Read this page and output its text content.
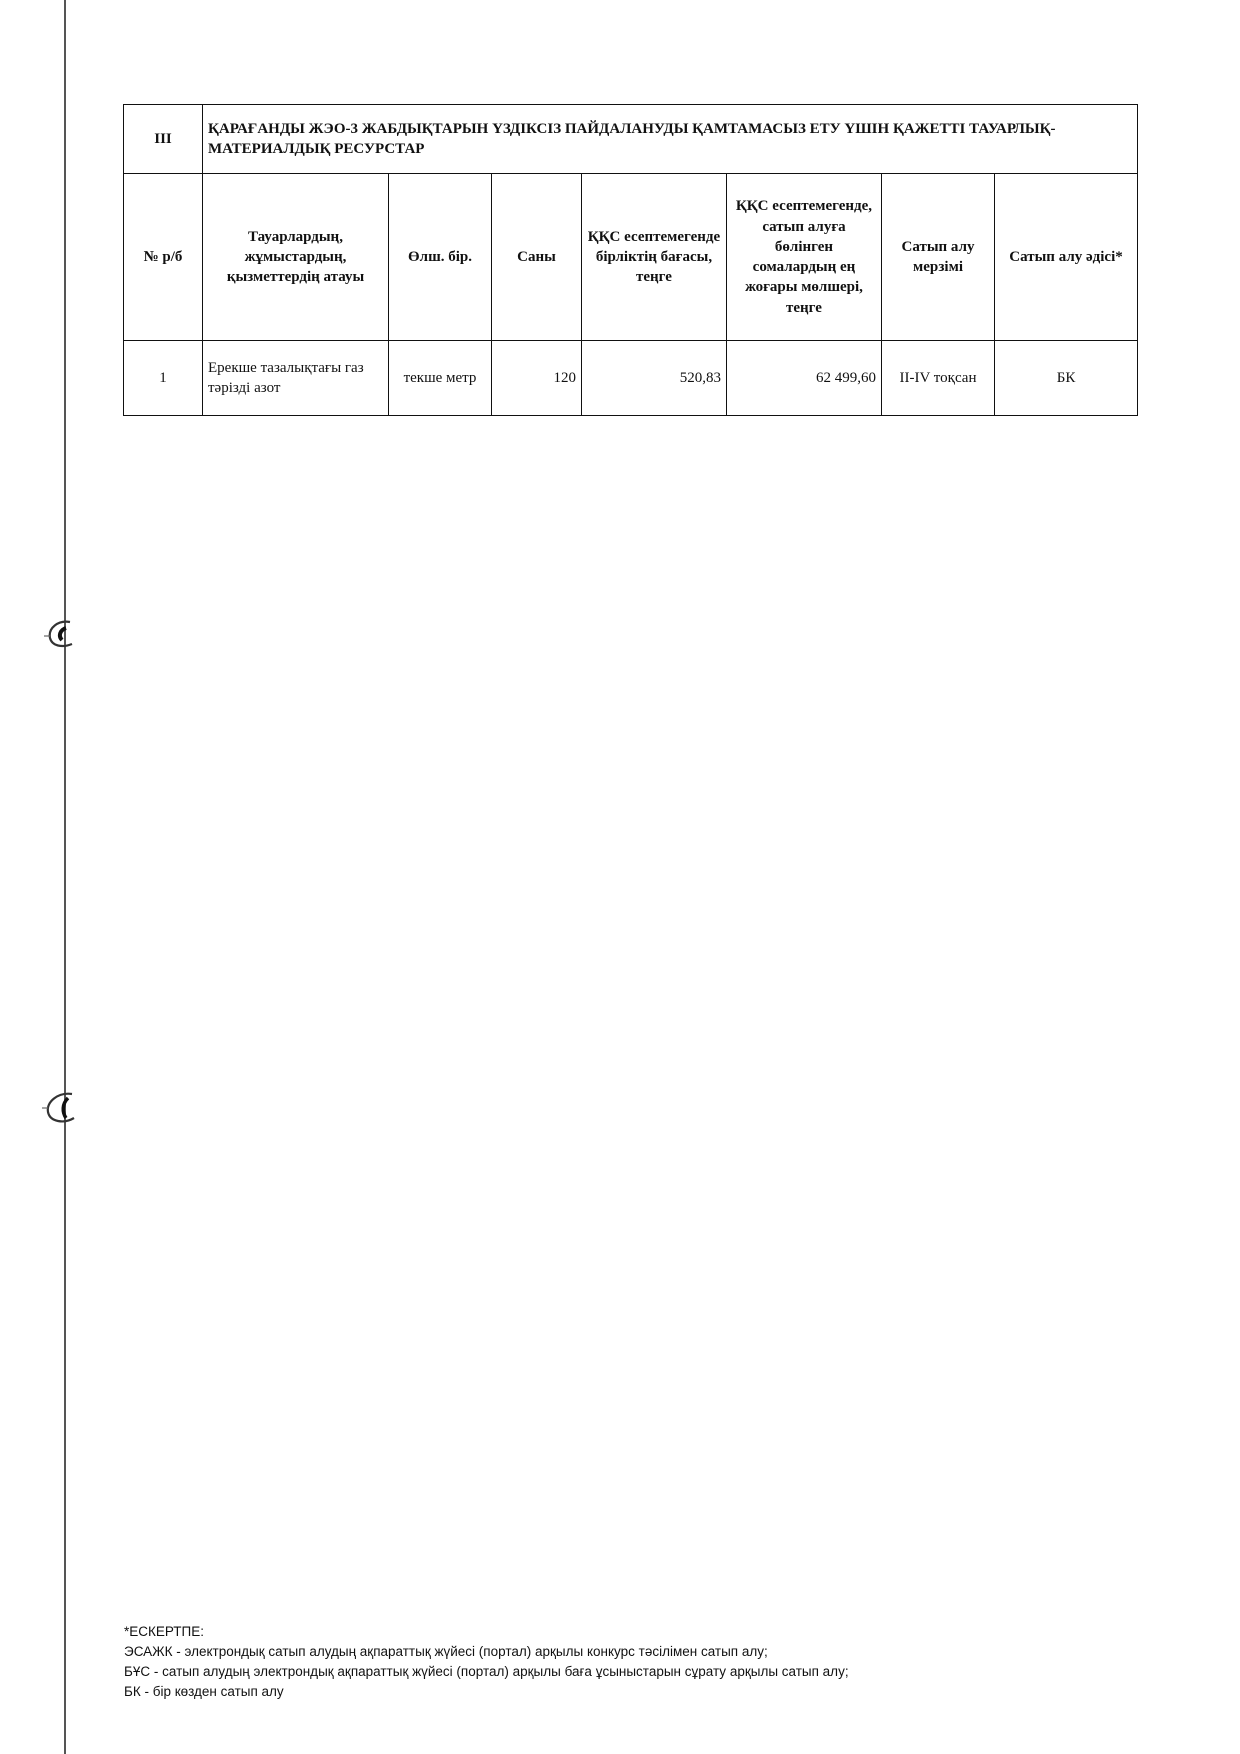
III	ҚАРАҒАНДЫ ЖЭО-3 ЖАБДЫҚТАРЫН ҮЗДІКСІЗ ПАЙДАЛАНУДЫ ҚАМТАМАСЫЗ ЕТУ ҮШІН ҚАЖЕТТІ ТАУАРЛЫҚ-МАТЕРИАЛДЫҚ РЕСУРСТАР						
№ р/б	Тауарлардың, жұмыстардың, қызметтердің атауы	Өлш. бір.	Саны	ҚҚС есептемегенде бірліктің бағасы, теңге	ҚҚС есептемегенде, сатып алуға бөлінген сомалардың ең жоғары мөлшері, теңге	Сатып алу мерзімі	Сатып алу әдісі*
1	Ерекше тазалықтағы газ тәрізді азот	текше метр	120	520,83	62 499,60	II-IV тоқсан	БК
*ЕСКЕРТПЕ:
ЭСАЖК - электрондық сатып алудың ақпараттық жүйесі (портал) арқылы конкурс тәсілімен сатып алу;
БҰС - сатып алудың электрондық ақпараттық жүйесі (портал) арқылы баға ұсыныстарын сұрату арқылы сатып алу;
БК - бір көзден сатып алу
